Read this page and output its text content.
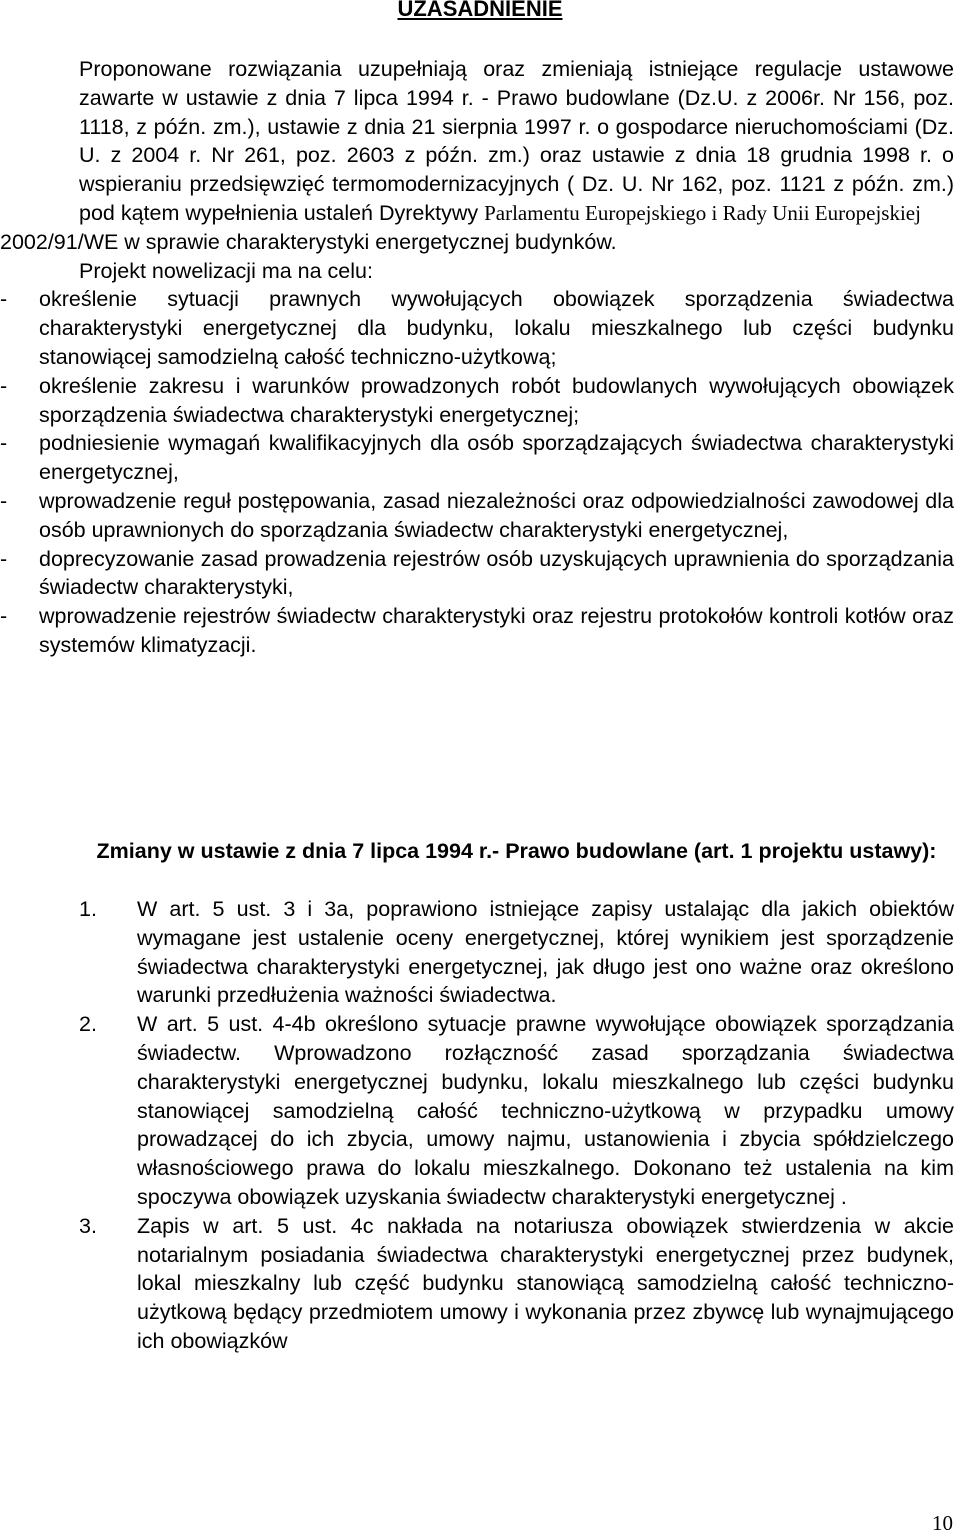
UZASADNIENIE

Proponowane rozwiązania uzupełniają oraz zmieniają istniejące regulacje ustawowe zawarte w ustawie z dnia 7 lipca 1994 r. - Prawo budowlane (Dz.U. z 2006r. Nr 156, poz. 1118, z późn. zm.), ustawie z dnia 21 sierpnia 1997 r. o gospodarce nieruchomościami (Dz. U. z 2004 r. Nr 261, poz. 2603 z późn. zm.) oraz ustawie z dnia 18 grudnia 1998 r. o wspieraniu przedsięwzięć termomodernizacyjnych ( Dz. U. Nr 162, poz. 1121 z późn. zm.) pod kątem wypełnienia ustaleń Dyrektywy Parlamentu Europejskiego i Rady Unii Europejskiej

2002/91/WE w sprawie charakterystyki energetycznej budynków.

Projekt nowelizacji ma na celu:

-	określenie sytuacji prawnych wywołujących obowiązek sporządzenia świadectwa charakterystyki energetycznej dla budynku, lokalu mieszkalnego lub części budynku stanowiącej samodzielną całość techniczno-użytkową;
-	określenie zakresu i warunków prowadzonych robót budowlanych wywołujących obowiązek sporządzenia świadectwa charakterystyki energetycznej;
-	podniesienie wymagań kwalifikacyjnych dla osób sporządzających świadectwa charakterystyki energetycznej,
-	wprowadzenie reguł postępowania, zasad niezależności oraz odpowiedzialności zawodowej dla osób uprawnionych do sporządzania świadectw charakterystyki energetycznej,
-	doprecyzowanie zasad prowadzenia rejestrów osób uzyskujących uprawnienia do sporządzania świadectw charakterystyki,
-	wprowadzenie rejestrów świadectw charakterystyki oraz rejestru protokołów kontroli kotłów oraz systemów klimatyzacji.
Zmiany w ustawie z dnia 7 lipca 1994 r.- Prawo budowlane (art. 1 projektu ustawy):
1.	W art. 5 ust. 3 i 3a, poprawiono istniejące zapisy ustalając dla jakich obiektów wymagane jest ustalenie oceny energetycznej, której wynikiem jest sporządzenie świadectwa charakterystyki energetycznej, jak długo jest ono ważne oraz określono warunki przedłużenia ważności świadectwa.
2.	W art. 5 ust. 4-4b określono sytuacje prawne wywołujące obowiązek sporządzania świadectw. Wprowadzono rozłączność zasad sporządzania świadectwa charakterystyki energetycznej budynku, lokalu mieszkalnego lub części budynku stanowiącej samodzielną całość techniczno-użytkową w przypadku umowy prowadzącej do ich zbycia, umowy najmu, ustanowienia i zbycia spółdzielczego własnościowego prawa do lokalu mieszkalnego. Dokonano też ustalenia na kim spoczywa obowiązek uzyskania świadectw charakterystyki energetycznej .
3.	Zapis w art. 5 ust. 4c nakłada na notariusza obowiązek stwierdzenia w akcie notarialnym posiadania świadectwa charakterystyki energetycznej przez budynek, lokal mieszkalny lub część budynku stanowiącą samodzielną całość techniczno-użytkową będący przedmiotem umowy i wykonania przez zbywcę lub wynajmującego ich obowiązków

10
